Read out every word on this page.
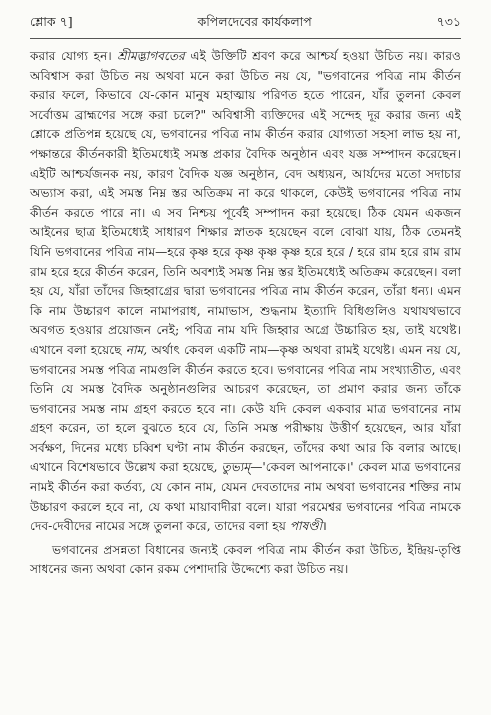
শ্লোক ৭]	কপিলদেবের কার্যকলাপ	৭৩১

করার যোগ্য হন। শ্রীমদ্ভাগবতের এই উক্তিটি শ্রবণ করে আশ্চর্য হওয়া উচিত নয়। কারও অবিশ্বাস করা উচিত নয় অথবা মনে করা উচিত নয় যে, "ভগবানের পবিত্র নাম কীর্তন করার ফলে, কিভাবে যে-কোন মানুষ মহাত্মায় পরিণত হতে পারেন, যাঁর তুলনা কেবল সর্বোত্তম ব্রাহ্মণের সঙ্গে করা চলে?" অবিশ্বাসী ব্যক্তিদের এই সন্দেহ দূর করার জন্য এই শ্লোকে প্রতিপন্ন হয়েছে যে, ভগবানের পবিত্র নাম কীর্তন করার যোগ্যতা সহসা লাভ হয় না, পক্ষান্তরে কীর্তনকারী ইতিমধ্যেই সমস্ত প্রকার বৈদিক অনুষ্ঠান এবং যজ্ঞ সম্পাদন করেছেন। এইটি আশ্চর্যজনক নয়, কারণ বৈদিক যজ্ঞ অনুষ্ঠান, বেদ অধ্যয়ন, আর্যদের মতো সদাচার অভ্যাস করা, এই সমস্ত নিম্ন স্তর অতিক্রম না করে থাকলে, কেউই ভগবানের পবিত্র নাম কীর্তন করতে পারে না। এ সব নিশ্চয় পূর্বেই সম্পাদন করা হয়েছে। ঠিক যেমন একজন আইনের ছাত্র ইতিমধ্যেই সাধারণ শিক্ষার স্নাতক হয়েছেন বলে বোঝা যায়, ঠিক তেমনই যিনি ভগবানের পবিত্র নাম—হরে কৃষ্ণ হরে কৃষ্ণ কৃষ্ণ কৃষ্ণ হরে হরে / হরে রাম হরে রাম রাম রাম হরে হরে কীর্তন করেন, তিনি অবশ্যই সমস্ত নিম্ন স্তর ইতিমধ্যেই অতিক্রম করেছেন। বলা হয় যে, যাঁরা তাঁদের জিহ্বাগ্রের দ্বারা ভগবানের পবিত্র নাম কীর্তন করেন, তাঁরা ধন্য। এমন কি নাম উচ্চারণ কালে নামাপরাধ, নামাভাস, শুদ্ধনাম ইত্যাদি বিধিগুলিও যথাযথভাবে অবগত হওয়ার প্রয়োজন নেই; পবিত্র নাম যদি জিহ্বার অগ্রে উচ্চারিত হয়, তাই যথেষ্ট। এখানে বলা হয়েছে নাম, অর্থাৎ কেবল একটি নাম—কৃষ্ণ অথবা রামই যথেষ্ট। এমন নয় যে, ভগবানের সমস্ত পবিত্র নামগুলি কীর্তন করতে হবে। ভগবানের পবিত্র নাম সংখ্যাতীত, এবং তিনি যে সমস্ত বৈদিক অনুষ্ঠানগুলির আচরণ করেছেন, তা প্রমাণ করার জন্য তাঁকে ভগবানের সমস্ত নাম গ্রহণ করতে হবে না। কেউ যদি কেবল একবার মাত্র ভগবানের নাম গ্রহণ করেন, তা হলে বুঝতে হবে যে, তিনি সমস্ত পরীক্ষায় উত্তীর্ণ হয়েছেন, আর যাঁরা সর্বক্ষণ, দিনের মধ্যে চব্বিশ ঘণ্টা নাম কীর্তন করছেন, তাঁদের কথা আর কি বলার আছে। এখানে বিশেষভাবে উল্লেখ করা হয়েছে, তুভ্যম্—'কেবল আপনাকে।' কেবল মাত্র ভগবানের নামই কীর্তন করা কর্তব্য, যে কোন নাম, যেমন দেবতাদের নাম অথবা ভগবানের শক্তির নাম উচ্চারণ করলে হবে না, যে কথা মায়াবাদীরা বলে। যারা পরমেশ্বর ভগবানের পবিত্র নামকে দেব-দেবীদের নামের সঙ্গে তুলনা করে, তাদের বলা হয় পাষণ্ডী।

ভগবানের প্রসন্নতা বিধানের জন্যই কেবল পবিত্র নাম কীর্তন করা উচিত, ইন্দ্রিয়-তৃপ্তি সাধনের জন্য অথবা কোন রকম পেশাদারি উদ্দেশ্যে করা উচিত নয়।
